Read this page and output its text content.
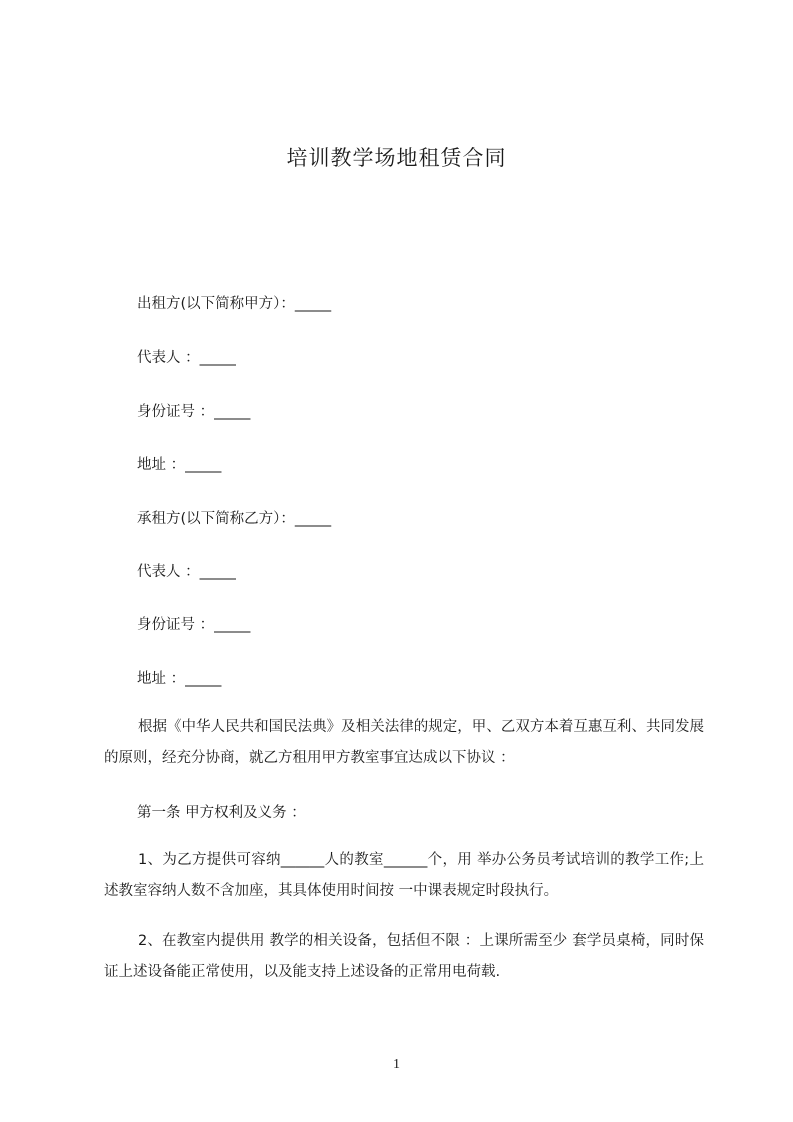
培训教学场地租赁合同
出租方(以下简称甲方）：_____
代表人 ：_____
身份证号 ：_____
地址 ：_____
承租方(以下简称乙方）：_____
代表人 ：_____
身份证号 ：_____
地址 ：_____
根据《中华人民共和国民法典》及相关法律的规定，甲、乙双方本着互惠互利、共同发展的原则，经充分协商，就乙方租用甲方教室事宜达成以下协议 ：
第一条 甲方权利及义务 ：
1、为乙方提供可容纳______人的教室______个，用 举办公务员考试培训的教学工作;上述教室容纳人数不含加座，其具体使用时间按 一中课表规定时段执行。
2、在教室内提供用 教学的相关设备，包括但不限 ：上课所需至少 套学员桌椅，同时保证上述设备能正常使用，以及能支持上述设备的正常用电荷载.
1
